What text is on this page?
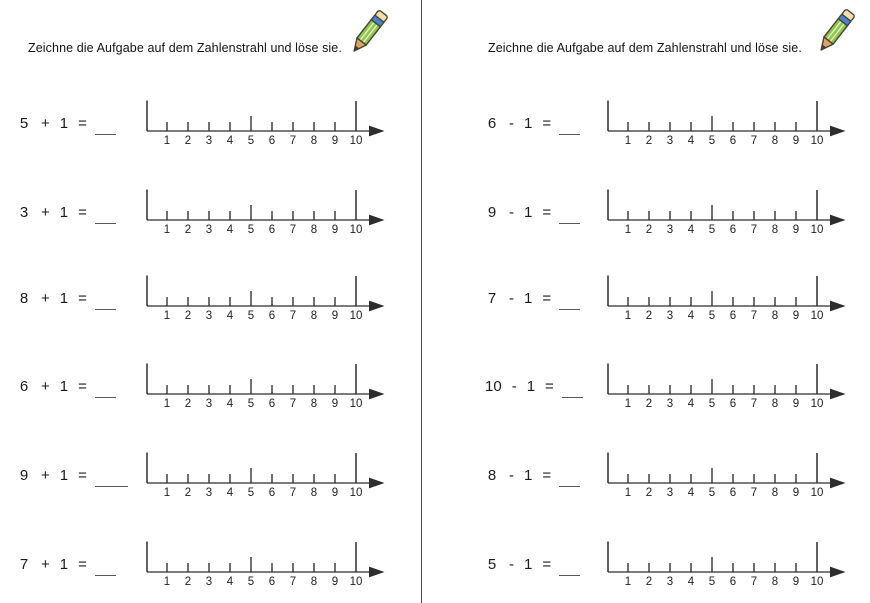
Zeichne die Aufgabe auf dem Zahlenstrahl und löse sie.
5 + 1 =
1 2 3 4 5 6 7 8 9 10
3 + 1 =
1 2 3 4 5 6 7 8 9 10
8 + 1 =
1 2 3 4 5 6 7 8 9 10
6 + 1 =
1 2 3 4 5 6 7 8 9 10
9 + 1 =
1 2 3 4 5 6 7 8 9 10
7 + 1 =
1 2 3 4 5 6 7 8 9 10
Zeichne die Aufgabe auf dem Zahlenstrahl und löse sie.
6 - 1 =
1 2 3 4 5 6 7 8 9 10
9 - 1 =
1 2 3 4 5 6 7 8 9 10
7 - 1 =
1 2 3 4 5 6 7 8 9 10
10 - 1 =
1 2 3 4 5 6 7 8 9 10
8 - 1 =
1 2 3 4 5 6 7 8 9 10
5 - 1 =
1 2 3 4 5 6 7 8 9 10
